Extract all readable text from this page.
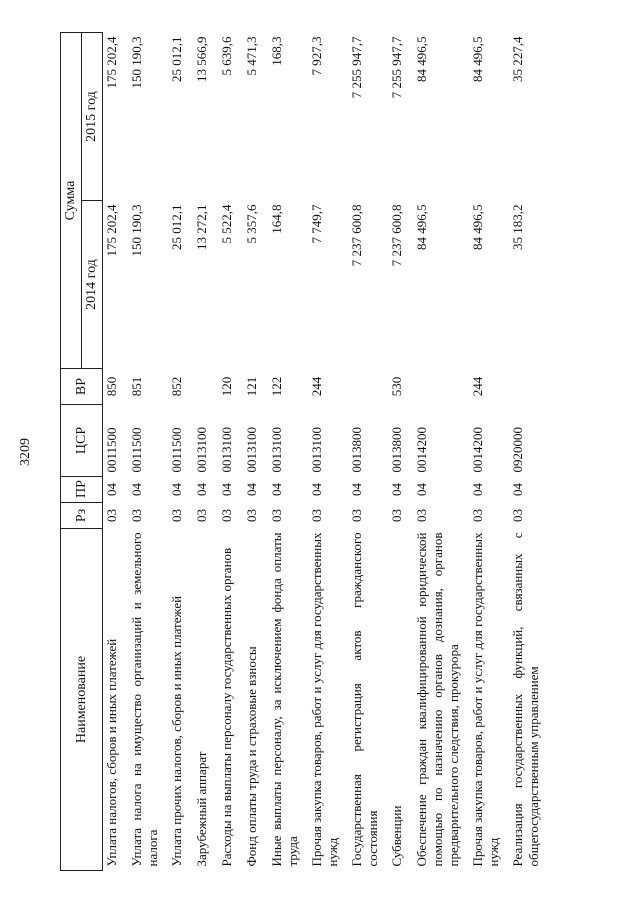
3209
Наименование	Рз	ПР	ЦСР	ВР	Сумма	
					2014 год	2015 год
Уплата налогов, сборов и иных платежей	03	04	0011500	850	175 202,4	175 202,4
Уплата налога на имущество организаций и земельного налога	03	04	0011500	851	150 190,3	150 190,3
Уплата прочих налогов, сборов и иных платежей	03	04	0011500	852	25 012,1	25 012,1
Зарубежный аппарат	03	04	0013100		13 272,1	13 566,9
Расходы на выплаты персоналу государственных органов	03	04	0013100	120	5 522,4	5 639,6
Фонд оплаты труда и страховые взносы	03	04	0013100	121	5 357,6	5 471,3
Иные выплаты персоналу, за исключением фонда оплаты труда	03	04	0013100	122	164,8	168,3
Прочая закупка товаров, работ и услуг для государственных нужд	03	04	0013100	244	7 749,7	7 927,3
Государственная регистрация актов гражданского состояния	03	04	0013800		7 237 600,8	7 255 947,7
Субвенции	03	04	0013800	530	7 237 600,8	7 255 947,7
Обеспечение граждан квалифицированной юридической помощью по назначению органов дознания, органов предварительного следствия, прокурора	03	04	0014200		84 496,5	84 496,5
Прочая закупка товаров, работ и услуг для государственных нужд	03	04	0014200	244	84 496,5	84 496,5
Реализация государственных функций, связанных с общегосударственным управлением	03	04	0920000		35 183,2	35 227,4
